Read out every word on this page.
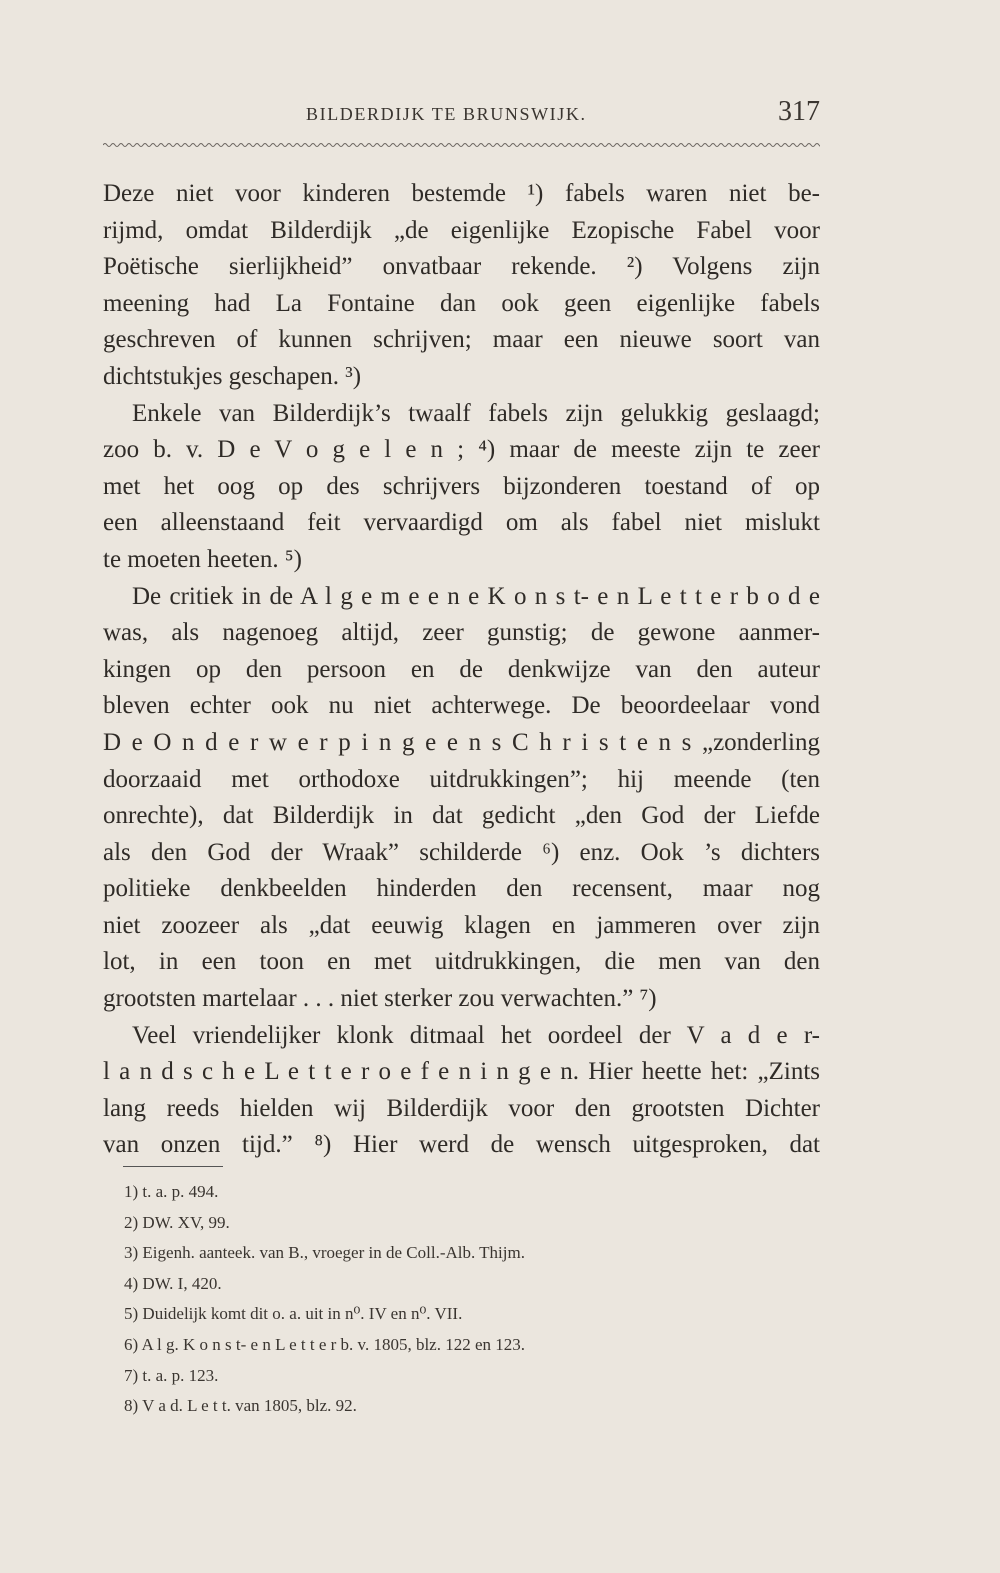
BILDERDIJK TE BRUNSWIJK.	317
Deze niet voor kinderen bestemde ¹) fabels waren niet be-
rijmd, omdat Bilderdijk „de eigenlijke Ezopische Fabel voor
Poëtische sierlijkheid” onvatbaar rekende. ²) Volgens zijn
meening had La Fontaine dan ook geen eigenlijke fabels
geschreven of kunnen schrijven; maar een nieuwe soort van
dichtstukjes geschapen. ³)
Enkele van Bilderdijk’s twaalf fabels zijn gelukkig geslaagd;
zoo b. v. D e V o g e l e n ; ⁴) maar de meeste zijn te zeer
met het oog op des schrijvers bijzonderen toestand of op
een alleenstaand feit vervaardigd om als fabel niet mislukt
te moeten heeten. ⁵)
De critiek in de A l g e m e e n e K o n s t- e n L e t t e r b o d e
was, als nagenoeg altijd, zeer gunstig; de gewone aanmer-
kingen op den persoon en de denkwijze van den auteur
bleven echter ook nu niet achterwege. De beoordeelaar vond
D e O n d e r w e r p i n g e e n s C h r i s t e n s „zonderling
doorzaaid met orthodoxe uitdrukkingen”; hij meende (ten
onrechte), dat Bilderdijk in dat gedicht „den God der Liefde
als den God der Wraak” schilderde ⁶) enz. Ook ’s dichters
politieke denkbeelden hinderden den recensent, maar nog
niet zoozeer als „dat eeuwig klagen en jammeren over zijn
lot, in een toon en met uitdrukkingen, die men van den
grootsten martelaar . . . niet sterker zou verwachten.” ⁷)
Veel vriendelijker klonk ditmaal het oordeel der V a d e r-
l a n d s c h e L e t t e r o e f e n i n g e n. Hier heette het: „Zints
lang reeds hielden wij Bilderdijk voor den grootsten Dichter
van onzen tijd.” ⁸) Hier werd de wensch uitgesproken, dat
1) t. a. p. 494.
2) DW. XV, 99.
3) Eigenh. aanteek. van B., vroeger in de Coll.-Alb. Thijm.
4) DW. I, 420.
5) Duidelijk komt dit o. a. uit in n⁰. IV en n⁰. VII.
6) A l g. K o n s t- e n L e t t e r b. v. 1805, blz. 122 en 123.
7) t. a. p. 123.
8) V a d. L e t t. van 1805, blz. 92.
